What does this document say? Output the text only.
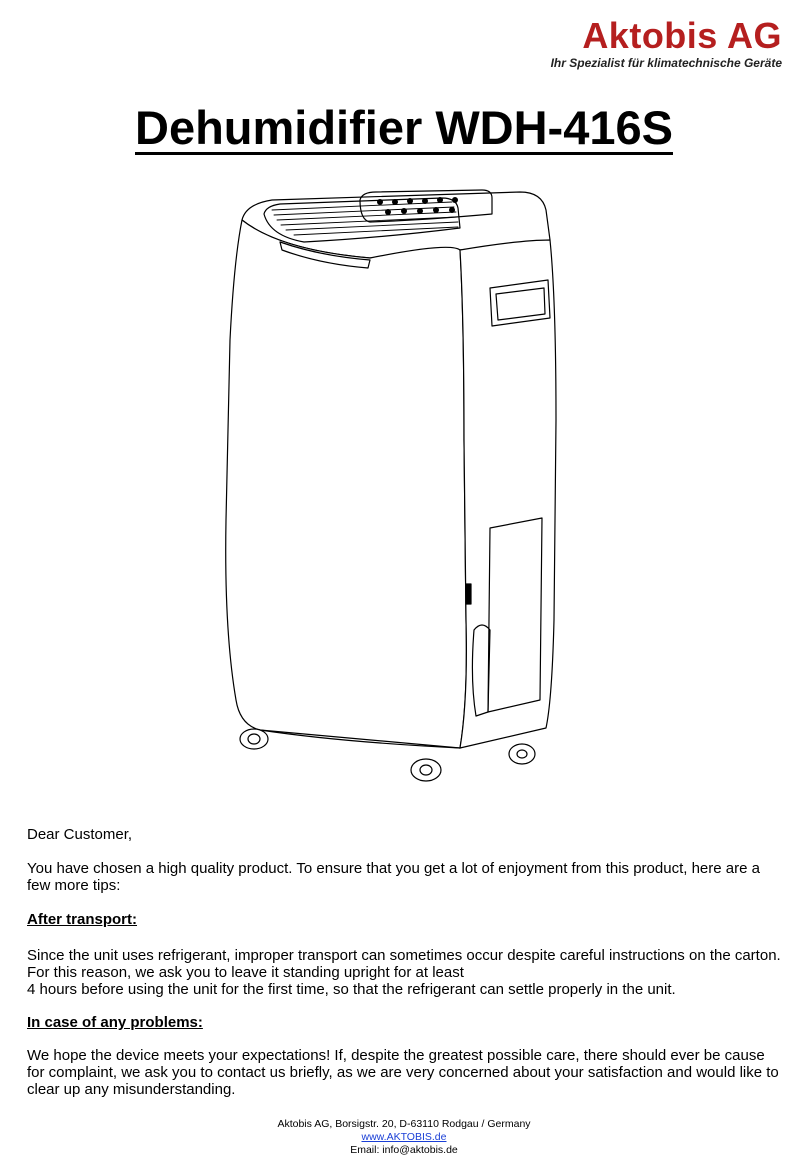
Aktobis AG
Ihr Spezialist für klimatechnische Geräte
Dehumidifier WDH-416S
Dear Customer,
You have chosen a high quality product. To ensure that you get a lot of enjoyment from this product, here are a few more tips:
After transport:
Since the unit uses refrigerant, improper transport can sometimes occur despite careful instructions on the carton.
For this reason, we ask you to leave it standing upright for at least
4 hours before using the unit for the first time, so that the refrigerant can settle properly in the unit.
In case of any problems:
We hope the device meets your expectations! If, despite the greatest possible care, there should ever be cause for complaint, we ask you to contact us briefly, as we are very concerned about your satisfaction and would like to clear up any misunderstanding.
Aktobis AG, Borsigstr. 20, D-63110 Rodgau / Germany
www.AKTOBIS.de
Email: info@aktobis.de
